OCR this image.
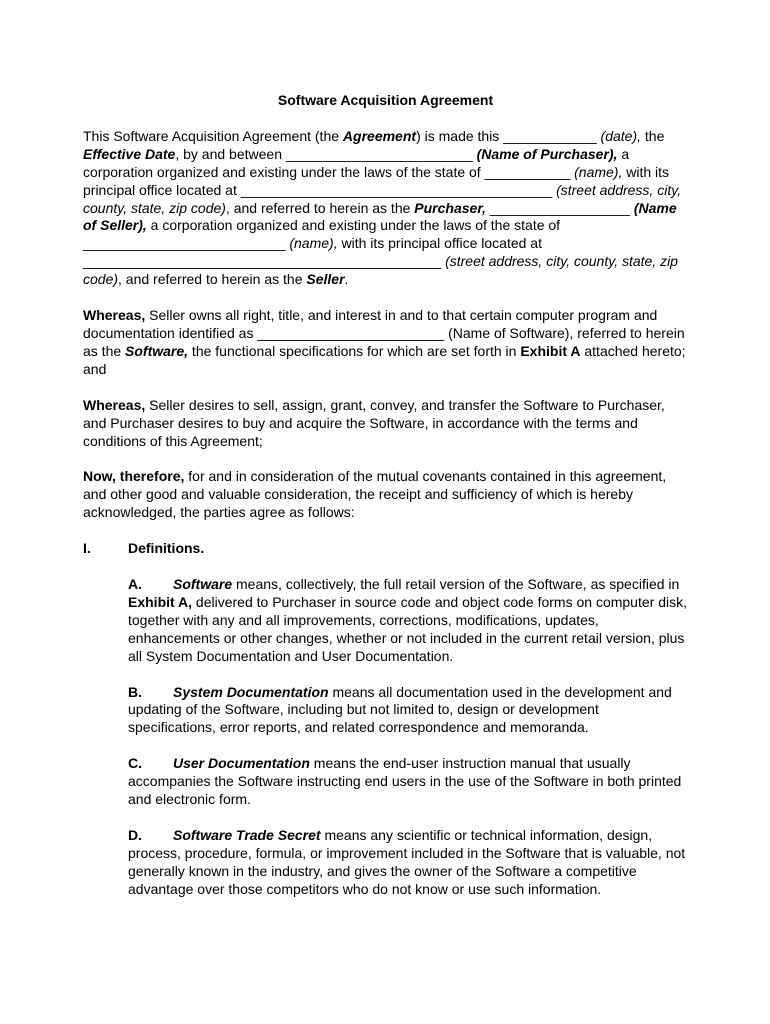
Software Acquisition Agreement

This Software Acquisition Agreement (the Agreement) is made this ____________ (date), the Effective Date, by and between ________________________ (Name of Purchaser), a corporation organized and existing under the laws of the state of ___________ (name), with its principal office located at ________________________________________ (street address, city, county, state, zip code), and referred to herein as the Purchaser, __________________ (Name of Seller), a corporation organized and existing under the laws of the state of __________________________ (name), with its principal office located at ______________________________________________ (street address, city, county, state, zip code), and referred to herein as the Seller.

Whereas, Seller owns all right, title, and interest in and to that certain computer program and documentation identified as ________________________ (Name of Software), referred to herein as the Software, the functional specifications for which are set forth in Exhibit A attached hereto; and

Whereas, Seller desires to sell, assign, grant, convey, and transfer the Software to Purchaser, and Purchaser desires to buy and acquire the Software, in accordance with the terms and conditions of this Agreement;

Now, therefore, for and in consideration of the mutual covenants contained in this agreement, and other good and valuable consideration, the receipt and sufficiency of which is hereby acknowledged, the parties agree as follows:

I.	Definitions.

A. Software means, collectively, the full retail version of the Software, as specified in Exhibit A, delivered to Purchaser in source code and object code forms on computer disk, together with any and all improvements, corrections, modifications, updates, enhancements or other changes, whether or not included in the current retail version, plus all System Documentation and User Documentation.

B. System Documentation means all documentation used in the development and updating of the Software, including but not limited to, design or development specifications, error reports, and related correspondence and memoranda.

C. User Documentation means the end-user instruction manual that usually accompanies the Software instructing end users in the use of the Software in both printed and electronic form.

D. Software Trade Secret means any scientific or technical information, design, process, procedure, formula, or improvement included in the Software that is valuable, not generally known in the industry, and gives the owner of the Software a competitive advantage over those competitors who do not know or use such information.
